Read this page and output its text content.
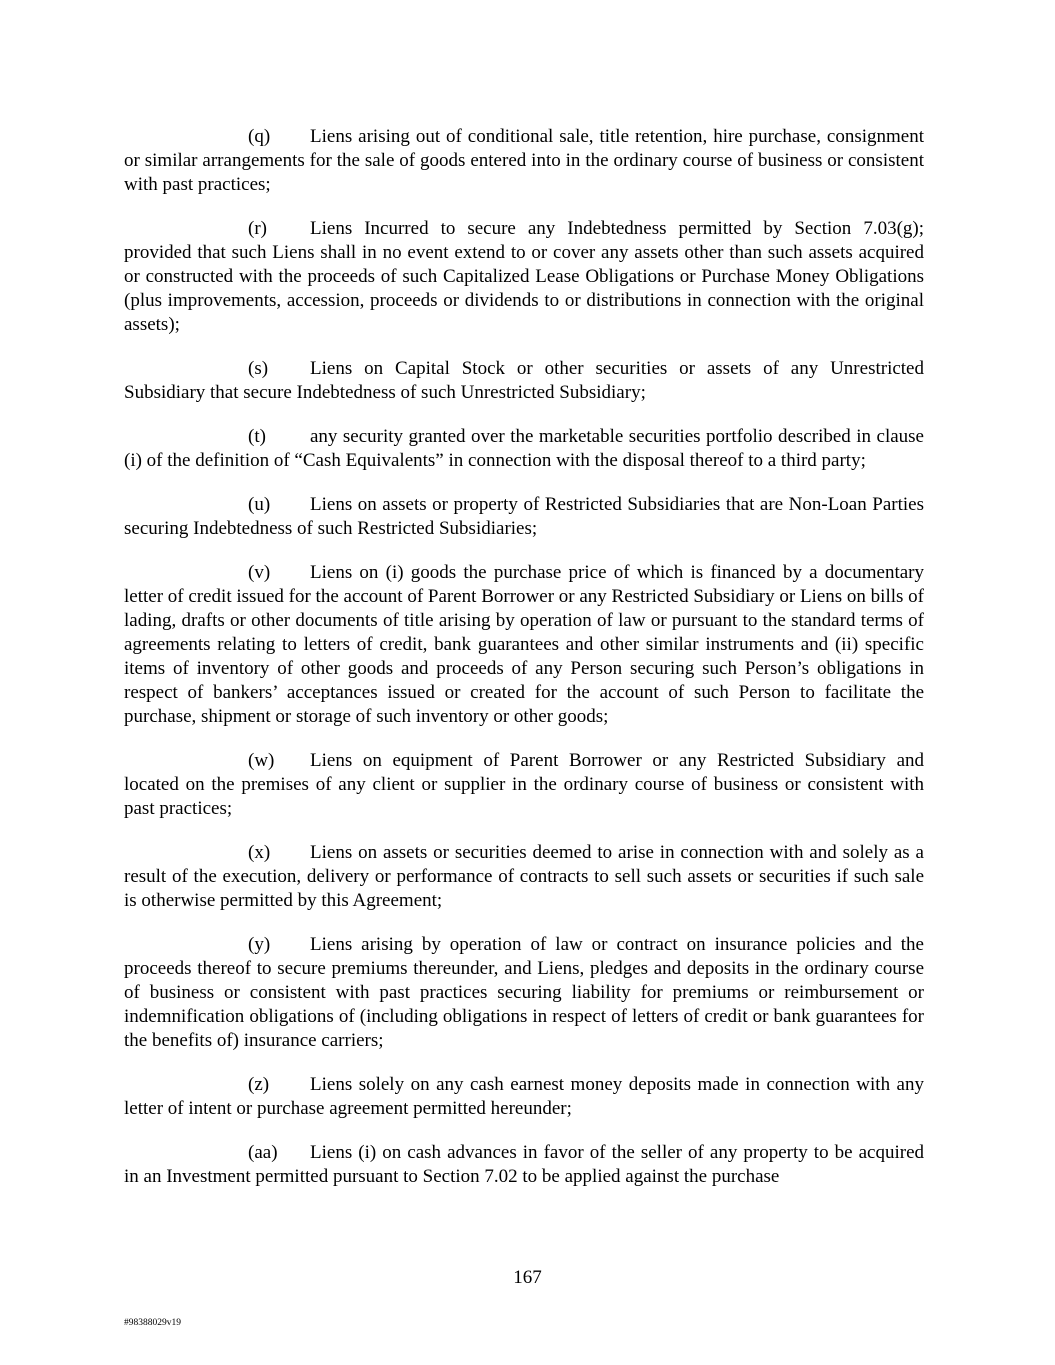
(q) Liens arising out of conditional sale, title retention, hire purchase, consignment or similar arrangements for the sale of goods entered into in the ordinary course of business or consistent with past practices;

(r) Liens Incurred to secure any Indebtedness permitted by Section 7.03(g); provided that such Liens shall in no event extend to or cover any assets other than such assets acquired or constructed with the proceeds of such Capitalized Lease Obligations or Purchase Money Obligations (plus improvements, accession, proceeds or dividends to or distributions in connection with the original assets);

(s) Liens on Capital Stock or other securities or assets of any Unrestricted Subsidiary that secure Indebtedness of such Unrestricted Subsidiary;

(t) any security granted over the marketable securities portfolio described in clause (i) of the definition of “Cash Equivalents” in connection with the disposal thereof to a third party;

(u) Liens on assets or property of Restricted Subsidiaries that are Non-Loan Parties securing Indebtedness of such Restricted Subsidiaries;

(v) Liens on (i) goods the purchase price of which is financed by a documentary letter of credit issued for the account of Parent Borrower or any Restricted Subsidiary or Liens on bills of lading, drafts or other documents of title arising by operation of law or pursuant to the standard terms of agreements relating to letters of credit, bank guarantees and other similar instruments and (ii) specific items of inventory of other goods and proceeds of any Person securing such Person’s obligations in respect of bankers’ acceptances issued or created for the account of such Person to facilitate the purchase, shipment or storage of such inventory or other goods;

(w) Liens on equipment of Parent Borrower or any Restricted Subsidiary and located on the premises of any client or supplier in the ordinary course of business or consistent with past practices;

(x) Liens on assets or securities deemed to arise in connection with and solely as a result of the execution, delivery or performance of contracts to sell such assets or securities if such sale is otherwise permitted by this Agreement;

(y) Liens arising by operation of law or contract on insurance policies and the proceeds thereof to secure premiums thereunder, and Liens, pledges and deposits in the ordinary course of business or consistent with past practices securing liability for premiums or reimbursement or indemnification obligations of (including obligations in respect of letters of credit or bank guarantees for the benefits of) insurance carriers;

(z) Liens solely on any cash earnest money deposits made in connection with any letter of intent or purchase agreement permitted hereunder;

(aa) Liens (i) on cash advances in favor of the seller of any property to be acquired in an Investment permitted pursuant to Section 7.02 to be applied against the purchase

167
#98388029v19
